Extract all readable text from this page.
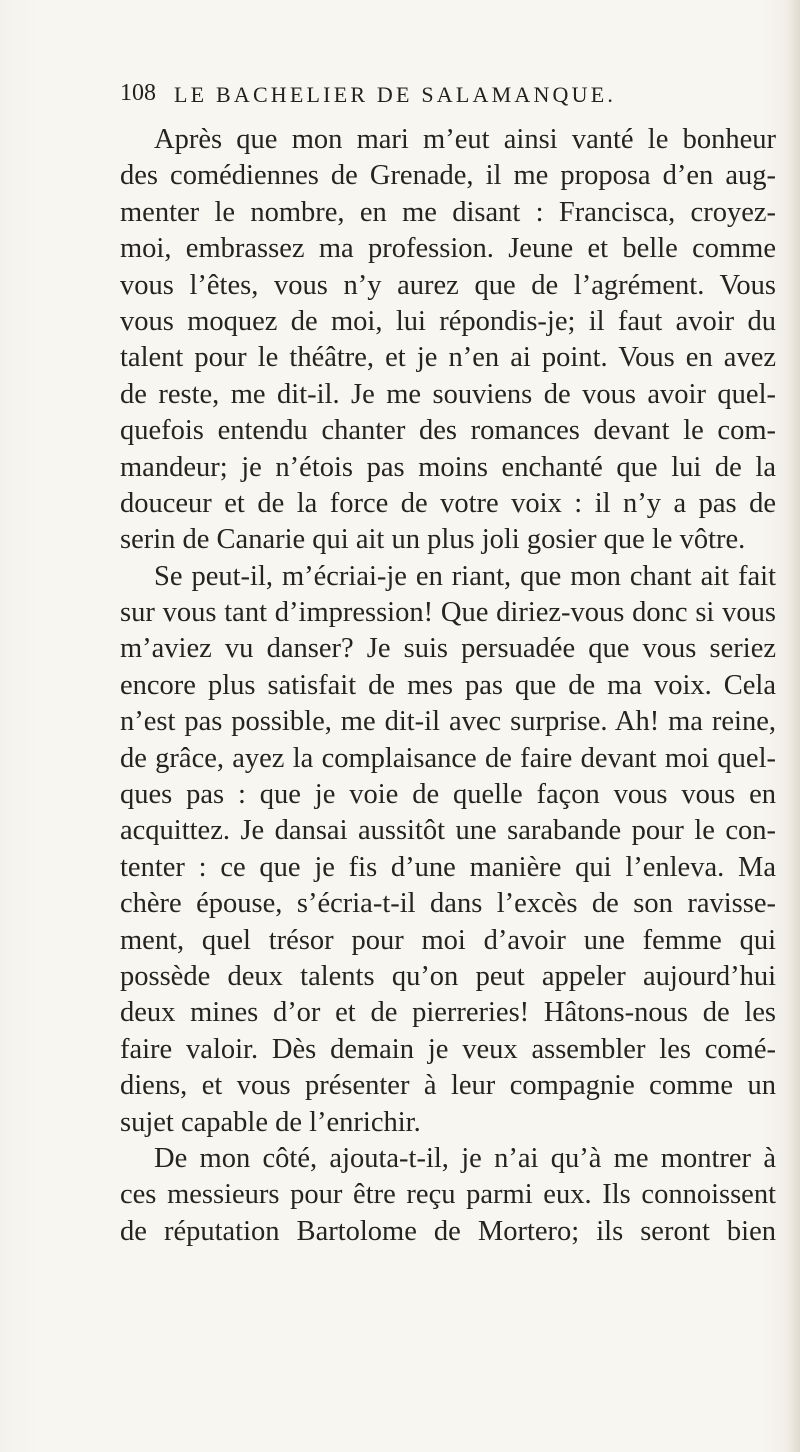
108 LE BACHELIER DE SALAMANQUE.
Après que mon mari m’eut ainsi vanté le bonheur
des comédiennes de Grenade, il me proposa d’en aug-
menter le nombre, en me disant : Francisca, croyez-
moi, embrassez ma profession. Jeune et belle comme
vous l’êtes, vous n’y aurez que de l’agrément. Vous
vous moquez de moi, lui répondis-je; il faut avoir du
talent pour le théâtre, et je n’en ai point. Vous en avez
de reste, me dit-il. Je me souviens de vous avoir quel-
quefois entendu chanter des romances devant le com-
mandeur; je n’étois pas moins enchanté que lui de la
douceur et de la force de votre voix : il n’y a pas de
serin de Canarie qui ait un plus joli gosier que le vôtre.
Se peut-il, m’écriai-je en riant, que mon chant ait fait
sur vous tant d’impression! Que diriez-vous donc si vous
m’aviez vu danser? Je suis persuadée que vous seriez
encore plus satisfait de mes pas que de ma voix. Cela
n’est pas possible, me dit-il avec surprise. Ah! ma reine,
de grâce, ayez la complaisance de faire devant moi quel-
ques pas : que je voie de quelle façon vous vous en
acquittez. Je dansai aussitôt une sarabande pour le con-
tenter : ce que je fis d’une manière qui l’enleva. Ma
chère épouse, s’écria-t-il dans l’excès de son ravisse-
ment, quel trésor pour moi d’avoir une femme qui
possède deux talents qu’on peut appeler aujourd’hui
deux mines d’or et de pierreries! Hâtons-nous de les
faire valoir. Dès demain je veux assembler les comé-
diens, et vous présenter à leur compagnie comme un
sujet capable de l’enrichir.
De mon côté, ajouta-t-il, je n’ai qu’à me montrer à
ces messieurs pour être reçu parmi eux. Ils connoissent
de réputation Bartolome de Mortero; ils seront bien
